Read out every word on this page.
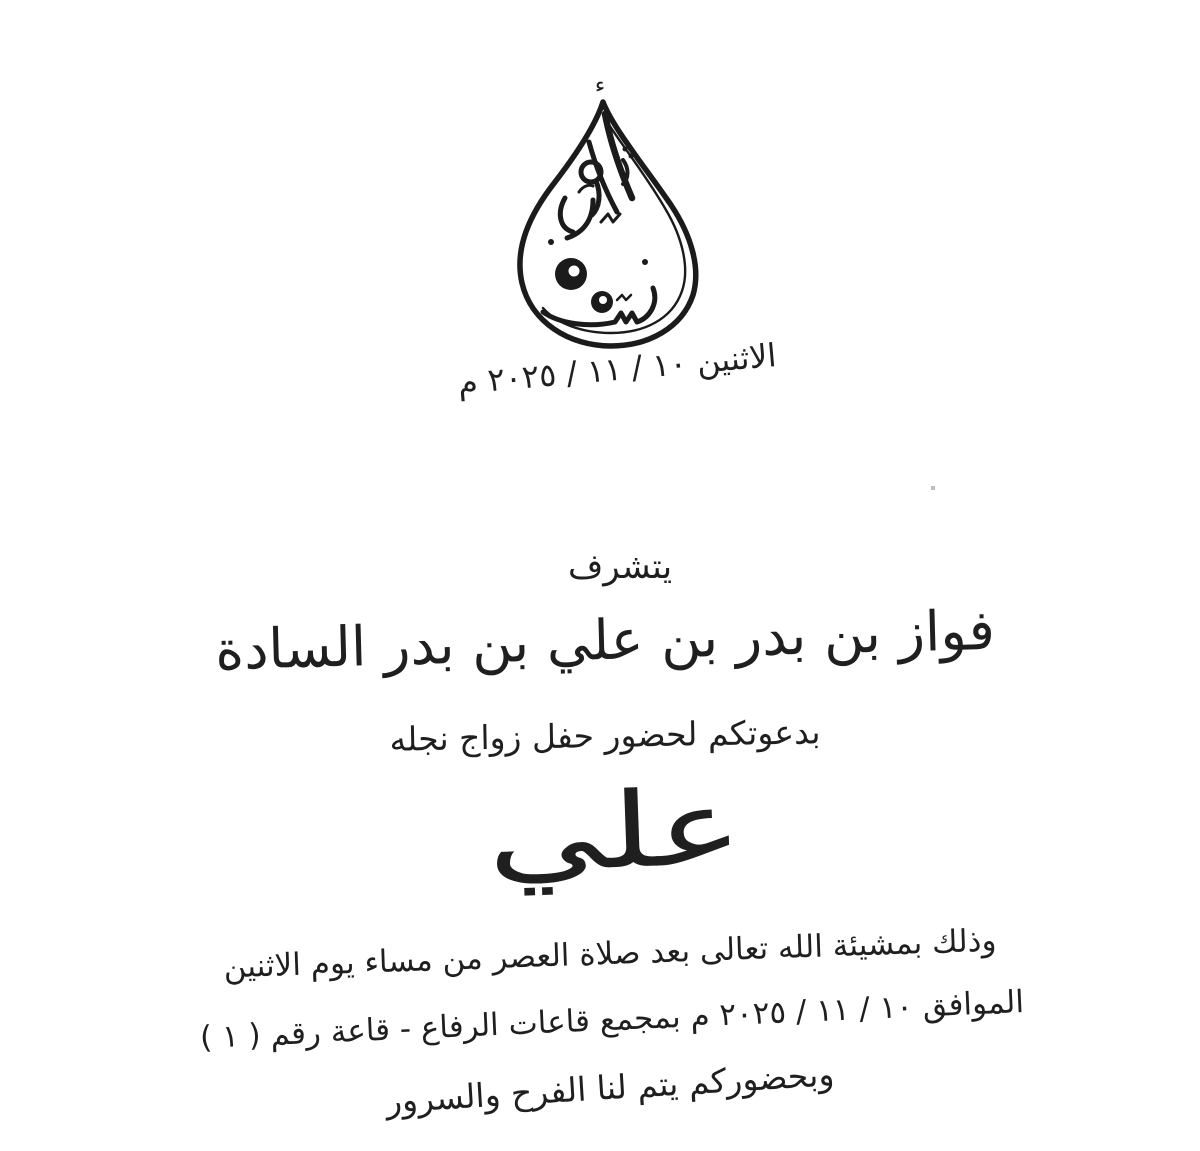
ء
الاثنين ١٠ / ١١ / ٢٠٢٥ م
يتشرف
فواز بن بدر بن علي بن بدر السادة
بدعوتكم لحضور حفل زواج نجله
علي
وذلك بمشيئة الله تعالى بعد صلاة العصر من مساء يوم الاثنين
الموافق ١٠ / ١١ / ٢٠٢٥ م بمجمع قاعات الرفاع - قاعة رقم ( ١ )
وبحضوركم يتم لنا الفرح والسرور
